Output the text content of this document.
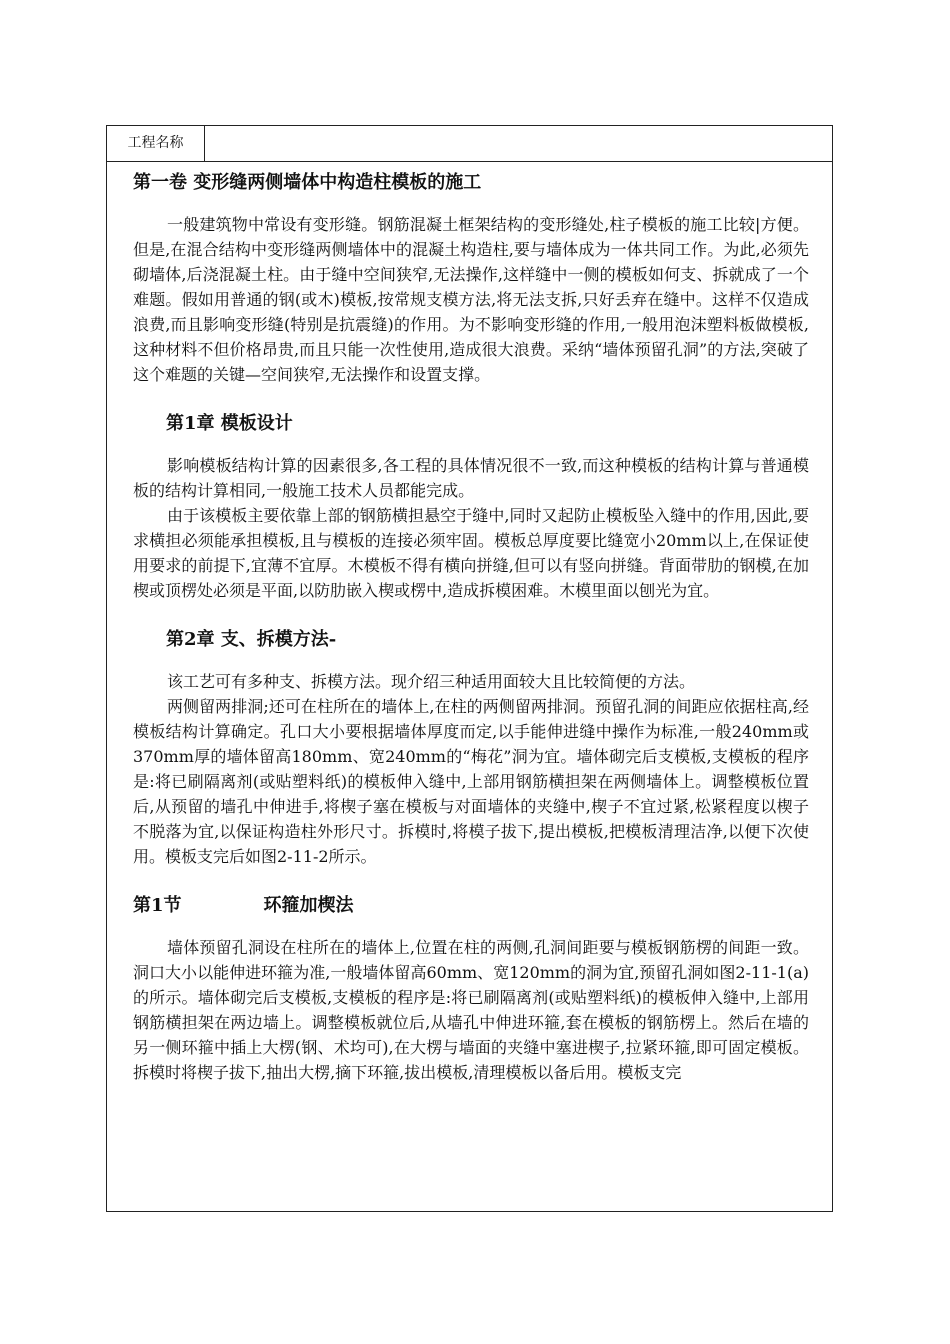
工程名称
第一卷 变形缝两侧墙体中构造柱模板的施工

一般建筑物中常设有变形缝。钢筋混凝土框架结构的变形缝处,柱子模板的施工比较|方便。但是,在混合结构中变形缝两侧墙体中的混凝土构造柱,要与墙体成为一体共同工作。为此,必须先砌墙体,后浇混凝土柱。由于缝中空间狭窄,无法操作,这样缝中一侧的模板如何支、拆就成了一个难题。假如用普通的钢(或木)模板,按常规支模方法,将无法支拆,只好丢弃在缝中。这样不仅造成浪费,而且影响变形缝(特别是抗震缝)的作用。为不影响变形缝的作用,一般用泡沫塑料板做模板,这种材料不但价格昂贵,而且只能一次性使用,造成很大浪费。采纳“墙体预留孔洞”的方法,突破了这个难题的关键—空间狭窄,无法操作和设置支撑。

第1章 模板设计

影响模板结构计算的因素很多,各工程的具体情况很不一致,而这种模板的结构计算与普通模板的结构计算相同,一般施工技术人员都能完成。

由于该模板主要依靠上部的钢筋横担悬空于缝中,同时又起防止模板坠入缝中的作用,因此,要求横担必须能承担模板,且与模板的连接必须牢固。模板总厚度要比缝宽小20mm以上,在保证使用要求的前提下,宜薄不宜厚。木模板不得有横向拼缝,但可以有竖向拼缝。背面带肋的钢模,在加楔或顶楞处必须是平面,以防肋嵌入楔或楞中,造成拆模困难。木模里面以刨光为宜。

第2章 支、拆模方法-

该工艺可有多种支、拆模方法。现介绍三种适用面较大且比较简便的方法。

两侧留两排洞;还可在柱所在的墙体上,在柱的两侧留两排洞。预留孔洞的间距应依据柱高,经模板结构计算确定。孔口大小要根据墙体厚度而定,以手能伸进缝中操作为标准,一般240mm或370mm厚的墙体留高180mm、宽240mm的“梅花”洞为宜。墙体砌完后支模板,支模板的程序是:将已刷隔离剂(或贴塑料纸)的模板伸入缝中,上部用钢筋横担架在两侧墙体上。调整模板位置后,从预留的墙孔中伸进手,将楔子塞在模板与对面墙体的夹缝中,楔子不宜过紧,松紧程度以楔子不脱落为宜,以保证构造柱外形尺寸。拆模时,将模子拔下,提出模板,把模板清理洁净,以便下次使用。模板支完后如图2-11-2所示。

第1节	环箍加楔法

墙体预留孔洞设在柱所在的墙体上,位置在柱的两侧,孔洞间距要与模板钢筋楞的间距一致。洞口大小以能伸进环箍为准,一般墙体留高60mm、宽120mm的洞为宜,预留孔洞如图2-11-1(a)的所示。墙体砌完后支模板,支模板的程序是:将已刷隔离剂(或贴塑料纸)的模板伸入缝中,上部用钢筋横担架在两边墙上。调整模板就位后,从墙孔中伸进环箍,套在模板的钢筋楞上。然后在墙的另一侧环箍中插上大楞(钢、术均可),在大楞与墙面的夹缝中塞进楔子,拉紧环箍,即可固定模板。拆模时将楔子拔下,抽出大楞,摘下环箍,拔出模板,清理模板以备后用。模板支完
